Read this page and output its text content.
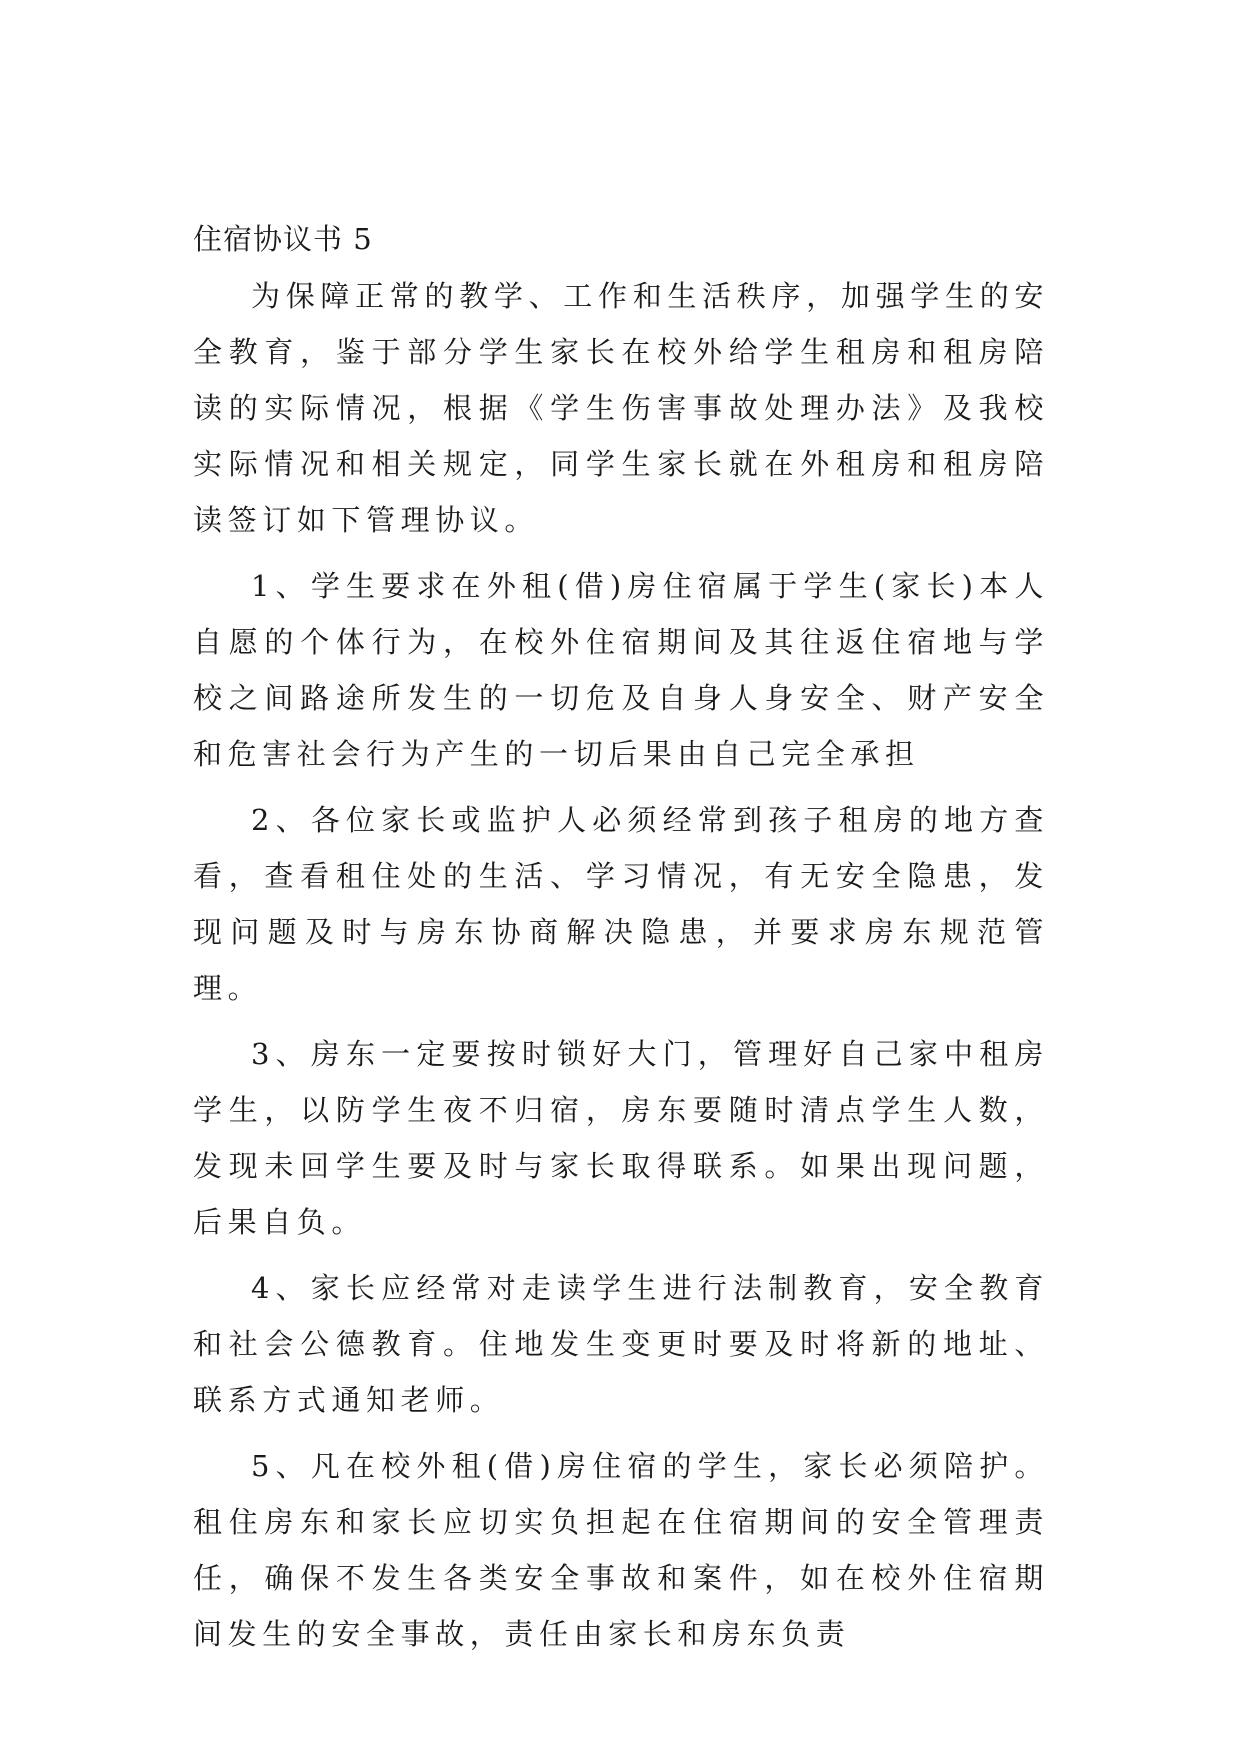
住宿协议书 5

为保障正常的教学、工作和生活秩序，加强学生的安全教育，鉴于部分学生家长在校外给学生租房和租房陪读的实际情况，根据《学生伤害事故处理办法》及我校实际情况和相关规定，同学生家长就在外租房和租房陪读签订如下管理协议。

1、学生要求在外租(借)房住宿属于学生(家长)本人自愿的个体行为，在校外住宿期间及其往返住宿地与学校之间路途所发生的一切危及自身人身安全、财产安全和危害社会行为产生的一切后果由自己完全承担

2、各位家长或监护人必须经常到孩子租房的地方查看，查看租住处的生活、学习情况，有无安全隐患，发现问题及时与房东协商解决隐患，并要求房东规范管理。

3、房东一定要按时锁好大门，管理好自己家中租房学生，以防学生夜不归宿，房东要随时清点学生人数，发现未回学生要及时与家长取得联系。如果出现问题，后果自负。

4、家长应经常对走读学生进行法制教育，安全教育和社会公德教育。住地发生变更时要及时将新的地址、联系方式通知老师。

5、凡在校外租(借)房住宿的学生，家长必须陪护。租住房东和家长应切实负担起在住宿期间的安全管理责任，确保不发生各类安全事故和案件，如在校外住宿期间发生的安全事故，责任由家长和房东负责
